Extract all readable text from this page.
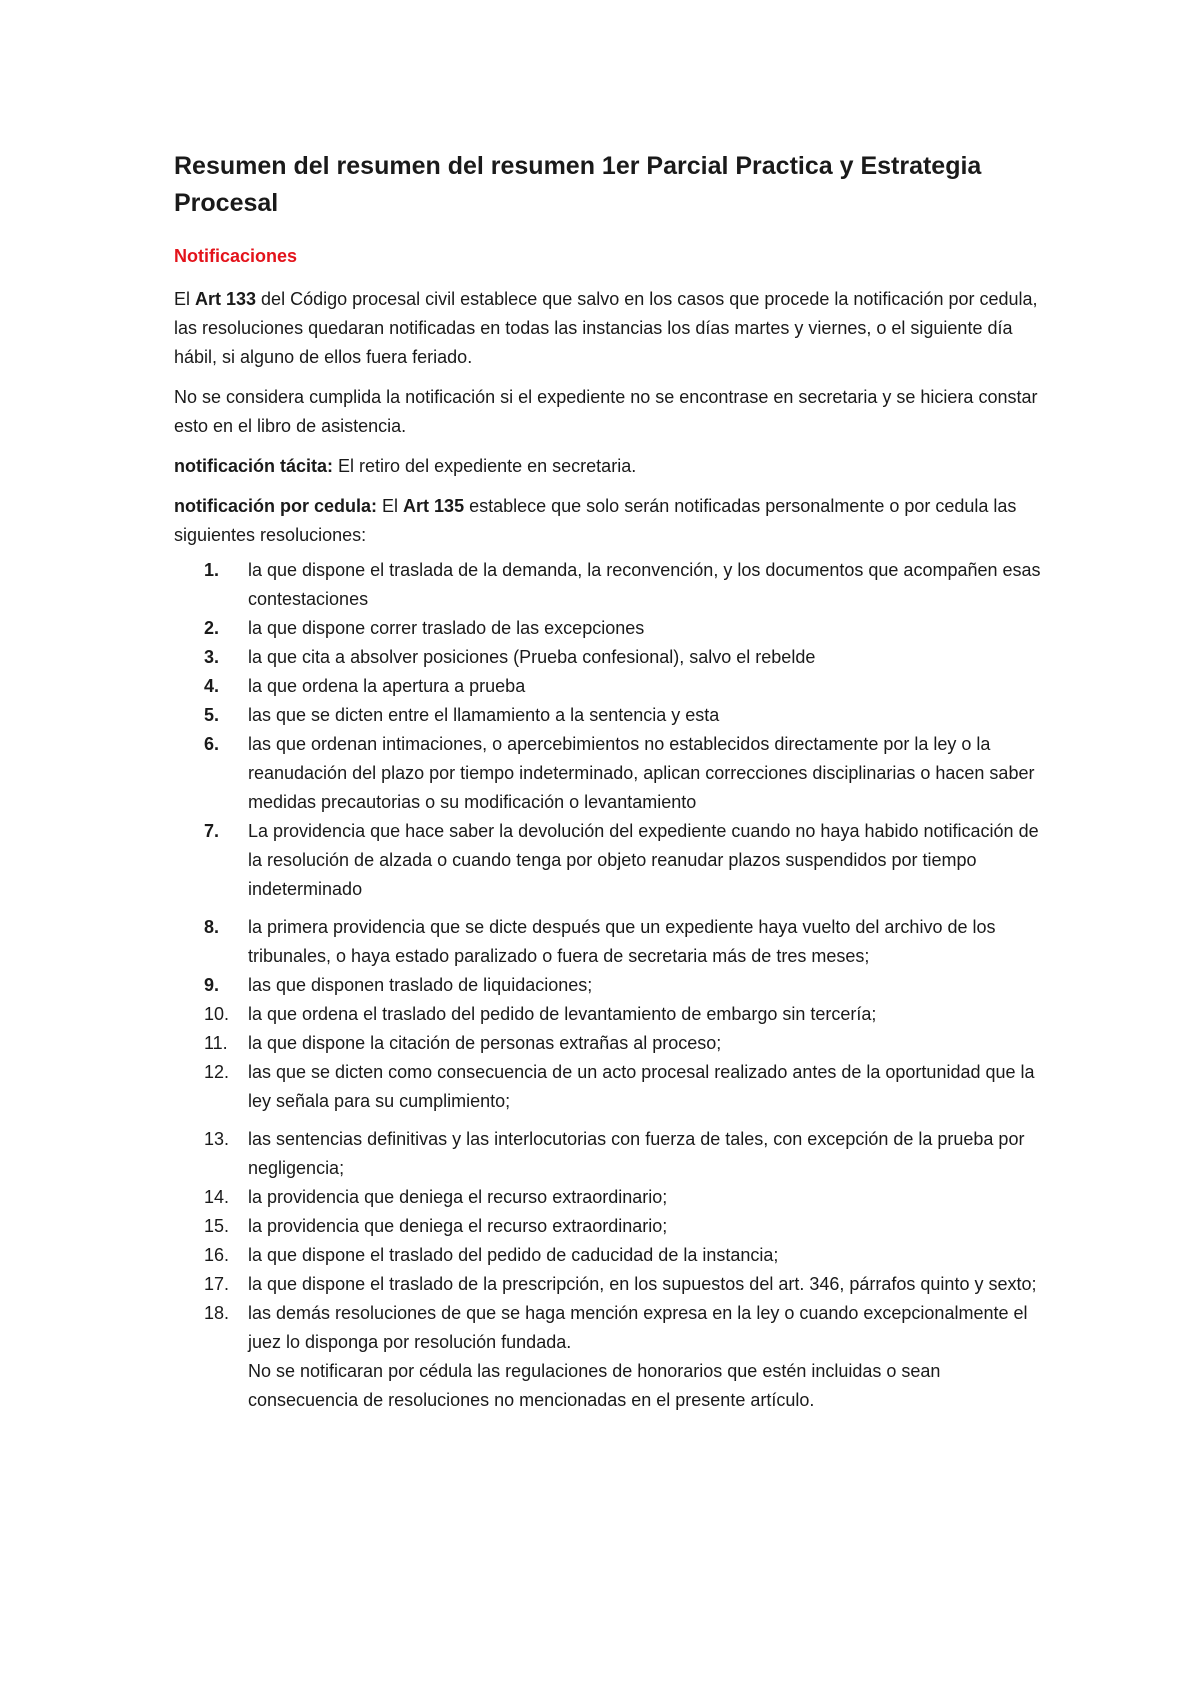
Resumen del resumen del resumen 1er Parcial Practica y Estrategia Procesal
Notificaciones

El Art 133 del Código procesal civil establece que salvo en los casos que procede la notificación por cedula, las resoluciones quedaran notificadas en todas las instancias los días martes y viernes, o el siguiente día hábil, si alguno de ellos fuera feriado.

No se considera cumplida la notificación si el expediente no se encontrase en secretaria y se hiciera constar esto en el libro de asistencia.

notificación tácita: El retiro del expediente en secretaria.

notificación por cedula: El Art 135 establece que solo serán notificadas personalmente o por cedula las siguientes resoluciones:

1. la que dispone el traslada de la demanda, la reconvención, y los documentos que acompañen esas contestaciones
2. la que dispone correr traslado de las excepciones
3. la que cita a absolver posiciones (Prueba confesional), salvo el rebelde
4. la que ordena la apertura a prueba
5. las que se dicten entre el llamamiento a la sentencia y esta
6. las que ordenan intimaciones, o apercebimientos no establecidos directamente por la ley o la reanudación del plazo por tiempo indeterminado, aplican correcciones disciplinarias o hacen saber medidas precautorias o su modificación o levantamiento
7. La providencia que hace saber la devolución del expediente cuando no haya habido notificación de la resolución de alzada o cuando tenga por objeto reanudar plazos suspendidos por tiempo indeterminado
8. la primera providencia que se dicte después que un expediente haya vuelto del archivo de los tribunales, o haya estado paralizado o fuera de secretaria más de tres meses;
9. las que disponen traslado de liquidaciones;
10. la que ordena el traslado del pedido de levantamiento de embargo sin tercería;
11. la que dispone la citación de personas extrañas al proceso;
12. las que se dicten como consecuencia de un acto procesal realizado antes de la oportunidad que la ley señala para su cumplimiento;
13. las sentencias definitivas y las interlocutorias con fuerza de tales, con excepción de la prueba por negligencia;
14. la providencia que deniega el recurso extraordinario;
15. la providencia que deniega el recurso extraordinario;
16. la que dispone el traslado del pedido de caducidad de la instancia;
17. la que dispone el traslado de la prescripción, en los supuestos del art. 346, párrafos quinto y sexto;
18. las demás resoluciones de que se haga mención expresa en la ley o cuando excepcionalmente el juez lo disponga por resolución fundada.
No se notificaran por cédula las regulaciones de honorarios que estén incluidas o sean consecuencia de resoluciones no mencionadas en el presente artículo.
